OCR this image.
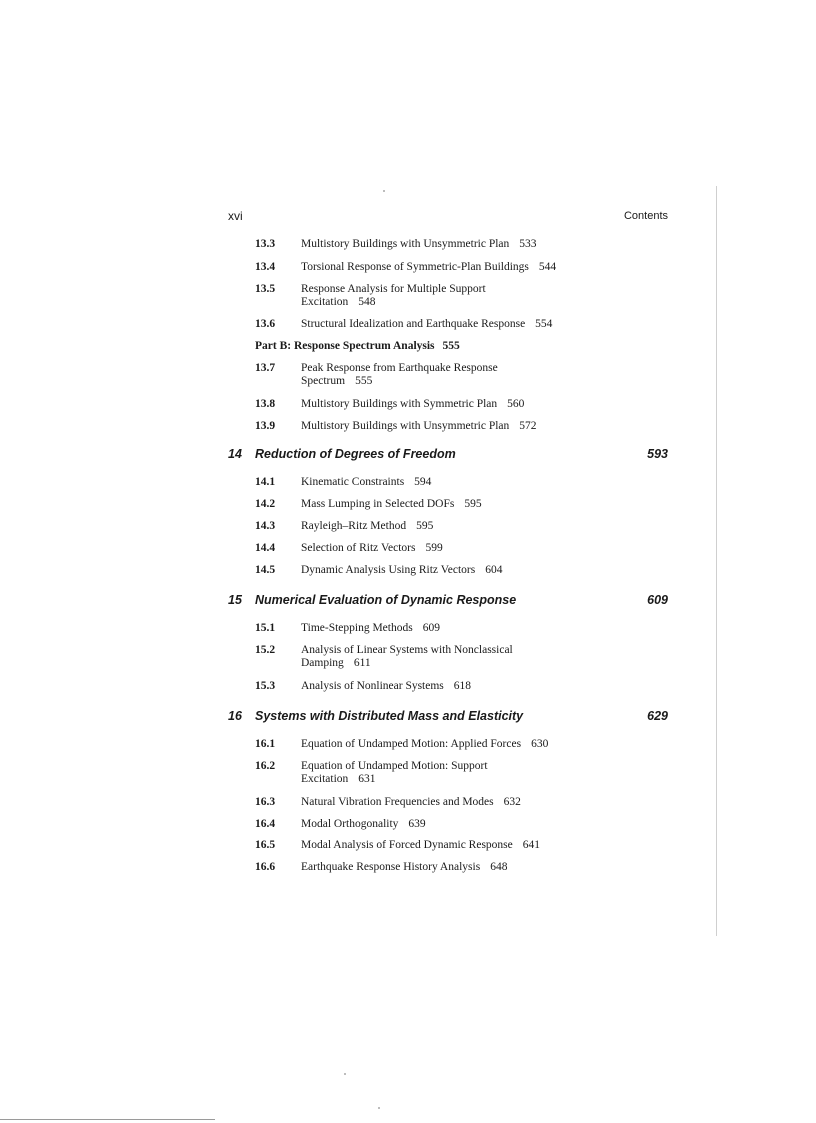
xvi	Contents
13.3 Multistory Buildings with Unsymmetric Plan 533
13.4 Torsional Response of Symmetric-Plan Buildings 544
13.5 Response Analysis for Multiple Support
Excitation 548
13.6 Structural Idealization and Earthquake Response 554
Part B: Response Spectrum Analysis 555
13.7 Peak Response from Earthquake Response
Spectrum 555
13.8 Multistory Buildings with Symmetric Plan 560
13.9 Multistory Buildings with Unsymmetric Plan 572
14 Reduction of Degrees of Freedom	593
14.1 Kinematic Constraints 594
14.2 Mass Lumping in Selected DOFs 595
14.3 Rayleigh–Ritz Method 595
14.4 Selection of Ritz Vectors 599
14.5 Dynamic Analysis Using Ritz Vectors 604
15 Numerical Evaluation of Dynamic Response	609
15.1 Time-Stepping Methods 609
15.2 Analysis of Linear Systems with Nonclassical
Damping 611
15.3 Analysis of Nonlinear Systems 618
16 Systems with Distributed Mass and Elasticity	629
16.1 Equation of Undamped Motion: Applied Forces 630
16.2 Equation of Undamped Motion: Support
Excitation 631
16.3 Natural Vibration Frequencies and Modes 632
16.4 Modal Orthogonality 639
16.5 Modal Analysis of Forced Dynamic Response 641
16.6 Earthquake Response History Analysis 648
